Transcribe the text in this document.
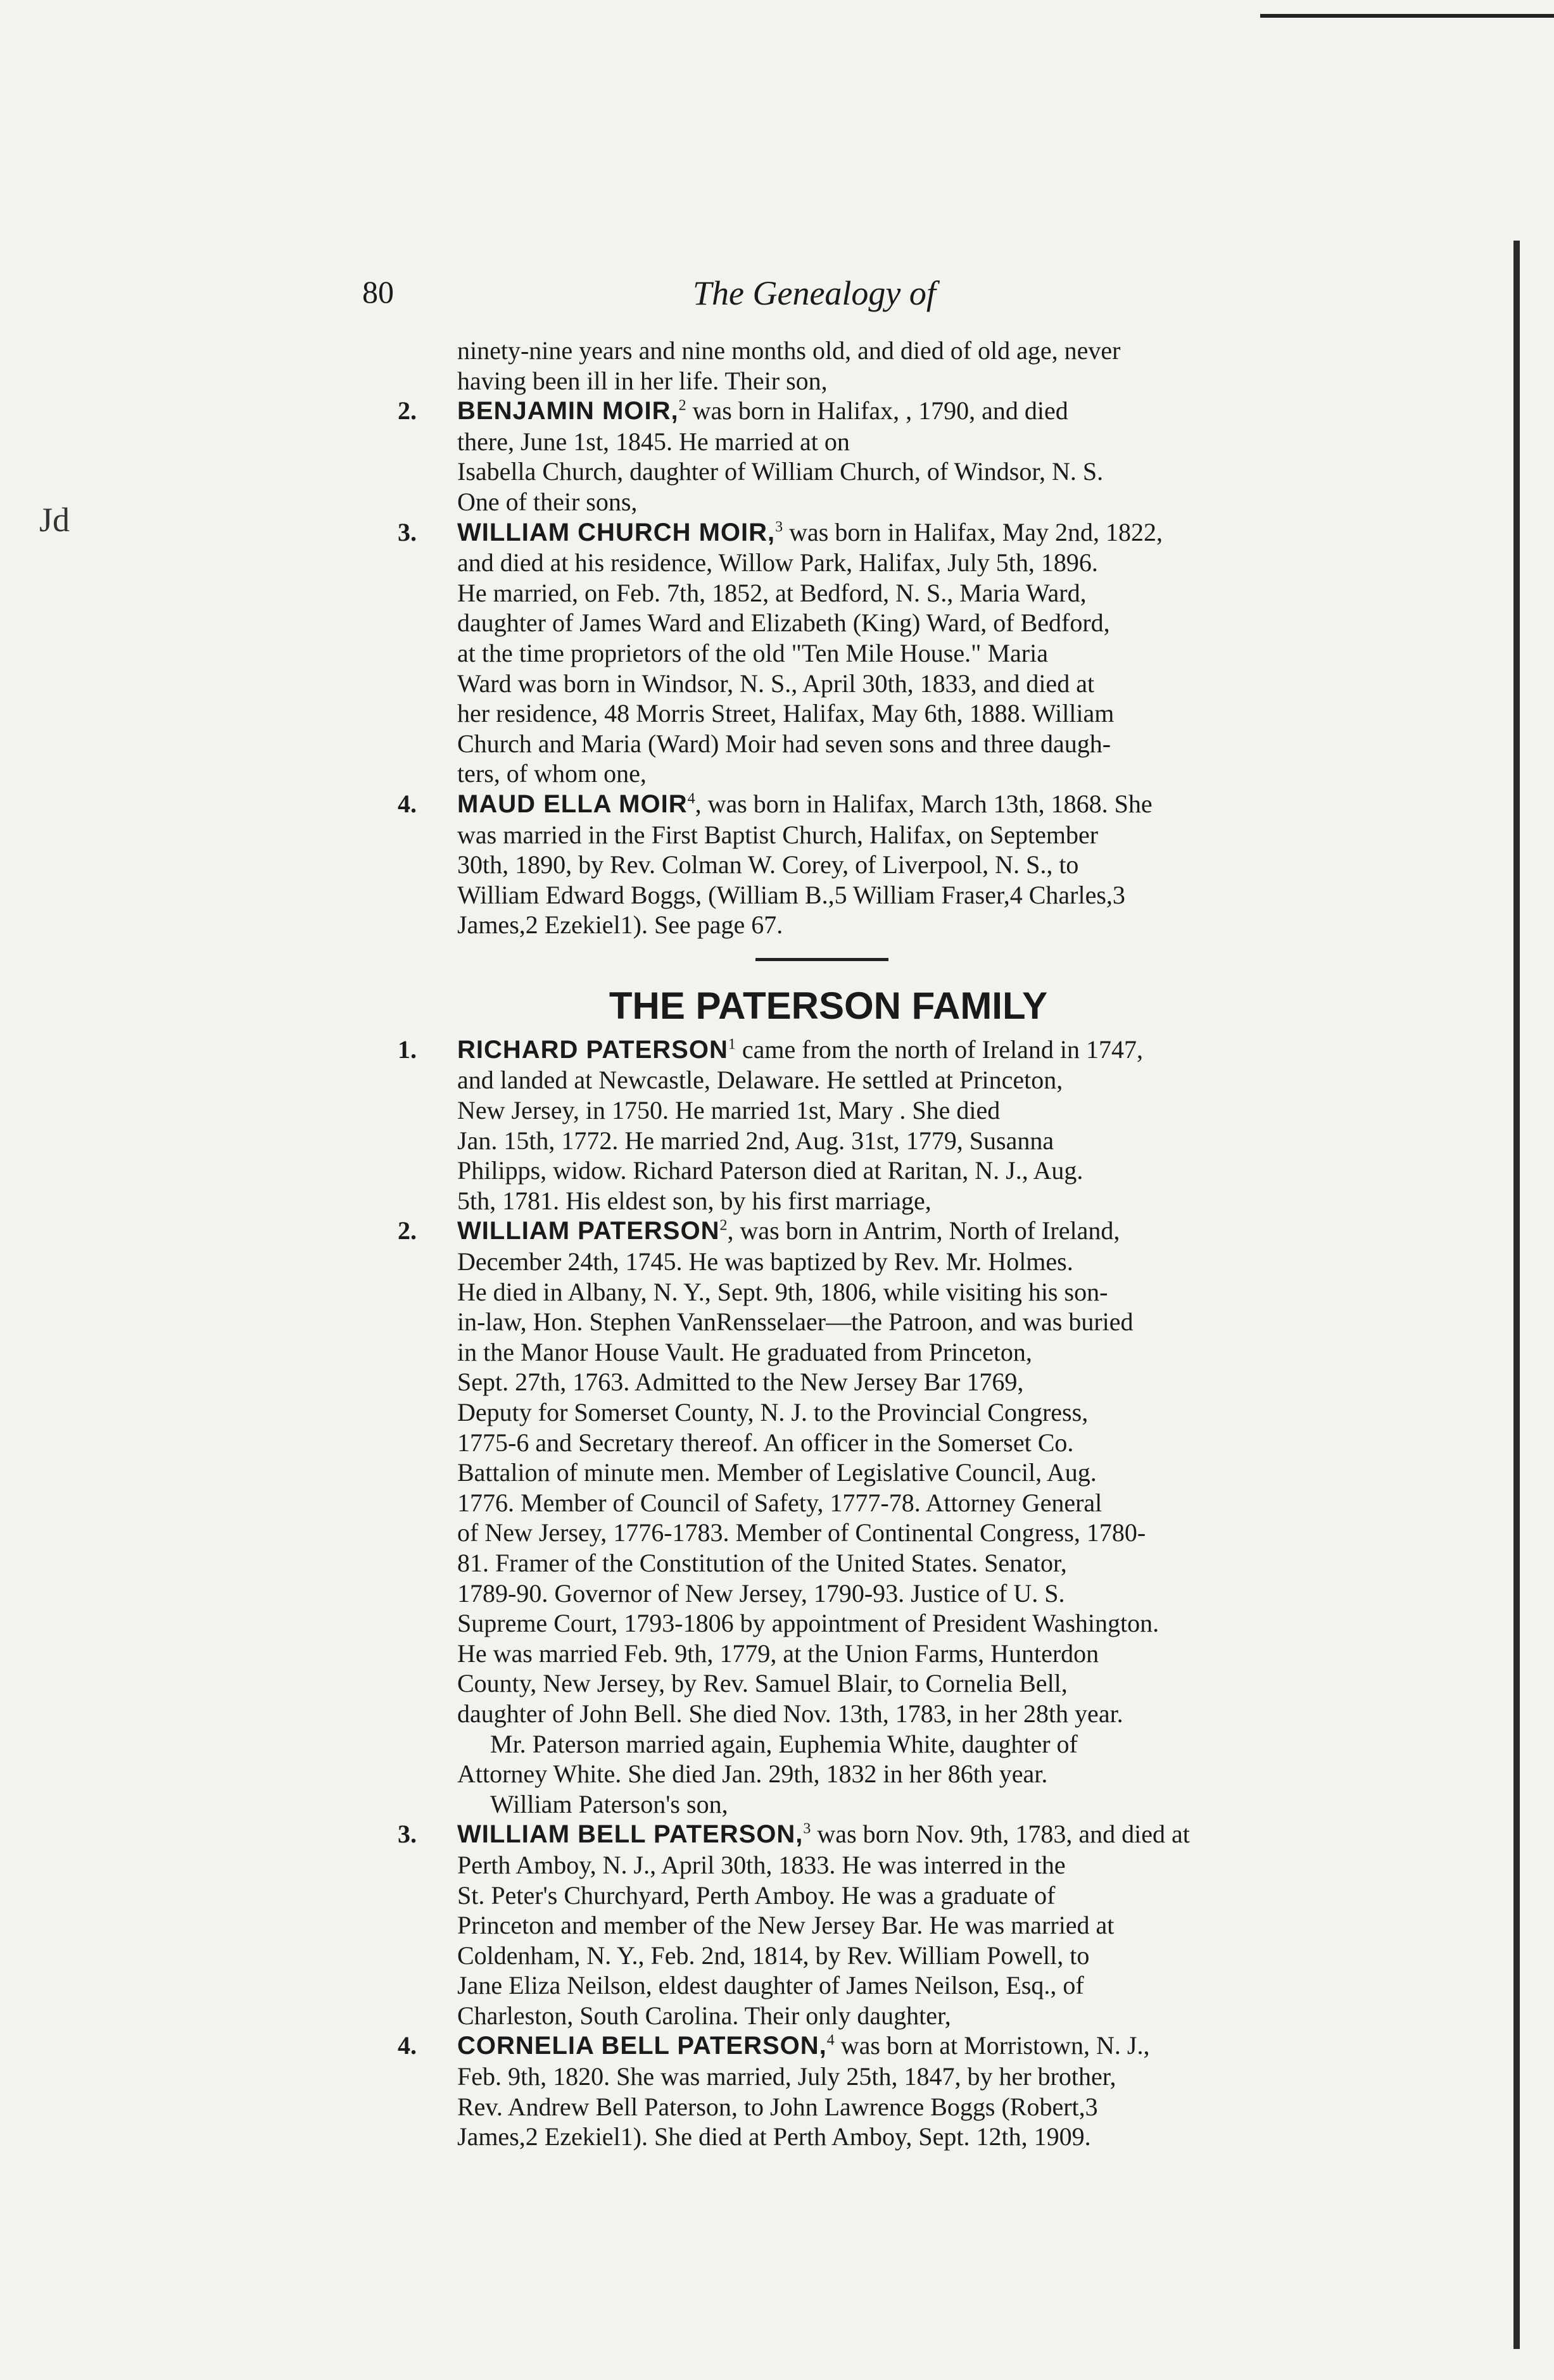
Jd
80	The Genealogy of
ninety-nine years and nine months old, and died of old age, never
having been ill in her life. Their son,
2. BENJAMIN MOIR,$^2$ was born in Halifax, , 1790, and died
there, June 1st, 1845. He married at on
Isabella Church, daughter of William Church, of Windsor, N. S.
One of their sons,
3. WILLIAM CHURCH MOIR,$^3$ was born in Halifax, May 2nd, 1822,
and died at his residence, Willow Park, Halifax, July 5th, 1896.
He married, on Feb. 7th, 1852, at Bedford, N. S., Maria Ward,
daughter of James Ward and Elizabeth (King) Ward, of Bedford,
at the time proprietors of the old "Ten Mile House." Maria
Ward was born in Windsor, N. S., April 30th, 1833, and died at
her residence, 48 Morris Street, Halifax, May 6th, 1888. William
Church and Maria (Ward) Moir had seven sons and three daugh-
ters, of whom one,
4. MAUD ELLA MOIR$^4$, was born in Halifax, March 13th, 1868. She
was married in the First Baptist Church, Halifax, on September
30th, 1890, by Rev. Colman W. Corey, of Liverpool, N. S., to
William Edward Boggs, (William B.,5 William Fraser,4 Charles,3
James,2 Ezekiel1). See page 67.
THE PATERSON FAMILY
1. RICHARD PATERSON$^1$ came from the north of Ireland in 1747,
and landed at Newcastle, Delaware. He settled at Princeton,
New Jersey, in 1750. He married 1st, Mary . She died
Jan. 15th, 1772. He married 2nd, Aug. 31st, 1779, Susanna
Philipps, widow. Richard Paterson died at Raritan, N. J., Aug.
5th, 1781. His eldest son, by his first marriage,
2. WILLIAM PATERSON$^2$, was born in Antrim, North of Ireland,
December 24th, 1745. He was baptized by Rev. Mr. Holmes.
He died in Albany, N. Y., Sept. 9th, 1806, while visiting his son-
in-law, Hon. Stephen VanRensselaer—the Patroon, and was buried
in the Manor House Vault. He graduated from Princeton,
Sept. 27th, 1763. Admitted to the New Jersey Bar 1769,
Deputy for Somerset County, N. J. to the Provincial Congress,
1775-6 and Secretary thereof. An officer in the Somerset Co.
Battalion of minute men. Member of Legislative Council, Aug.
1776. Member of Council of Safety, 1777-78. Attorney General
of New Jersey, 1776-1783. Member of Continental Congress, 1780-
81. Framer of the Constitution of the United States. Senator,
1789-90. Governor of New Jersey, 1790-93. Justice of U. S.
Supreme Court, 1793-1806 by appointment of President Washington.
He was married Feb. 9th, 1779, at the Union Farms, Hunterdon
County, New Jersey, by Rev. Samuel Blair, to Cornelia Bell,
daughter of John Bell. She died Nov. 13th, 1783, in her 28th year.
Mr. Paterson married again, Euphemia White, daughter of
Attorney White. She died Jan. 29th, 1832 in her 86th year.
William Paterson's son,
3. WILLIAM BELL PATERSON,$^3$ was born Nov. 9th, 1783, and died at
Perth Amboy, N. J., April 30th, 1833. He was interred in the
St. Peter's Churchyard, Perth Amboy. He was a graduate of
Princeton and member of the New Jersey Bar. He was married at
Coldenham, N. Y., Feb. 2nd, 1814, by Rev. William Powell, to
Jane Eliza Neilson, eldest daughter of James Neilson, Esq., of
Charleston, South Carolina. Their only daughter,
4. CORNELIA BELL PATERSON,$^4$ was born at Morristown, N. J.,
Feb. 9th, 1820. She was married, July 25th, 1847, by her brother,
Rev. Andrew Bell Paterson, to John Lawrence Boggs (Robert,3
James,2 Ezekiel1). She died at Perth Amboy, Sept. 12th, 1909.
